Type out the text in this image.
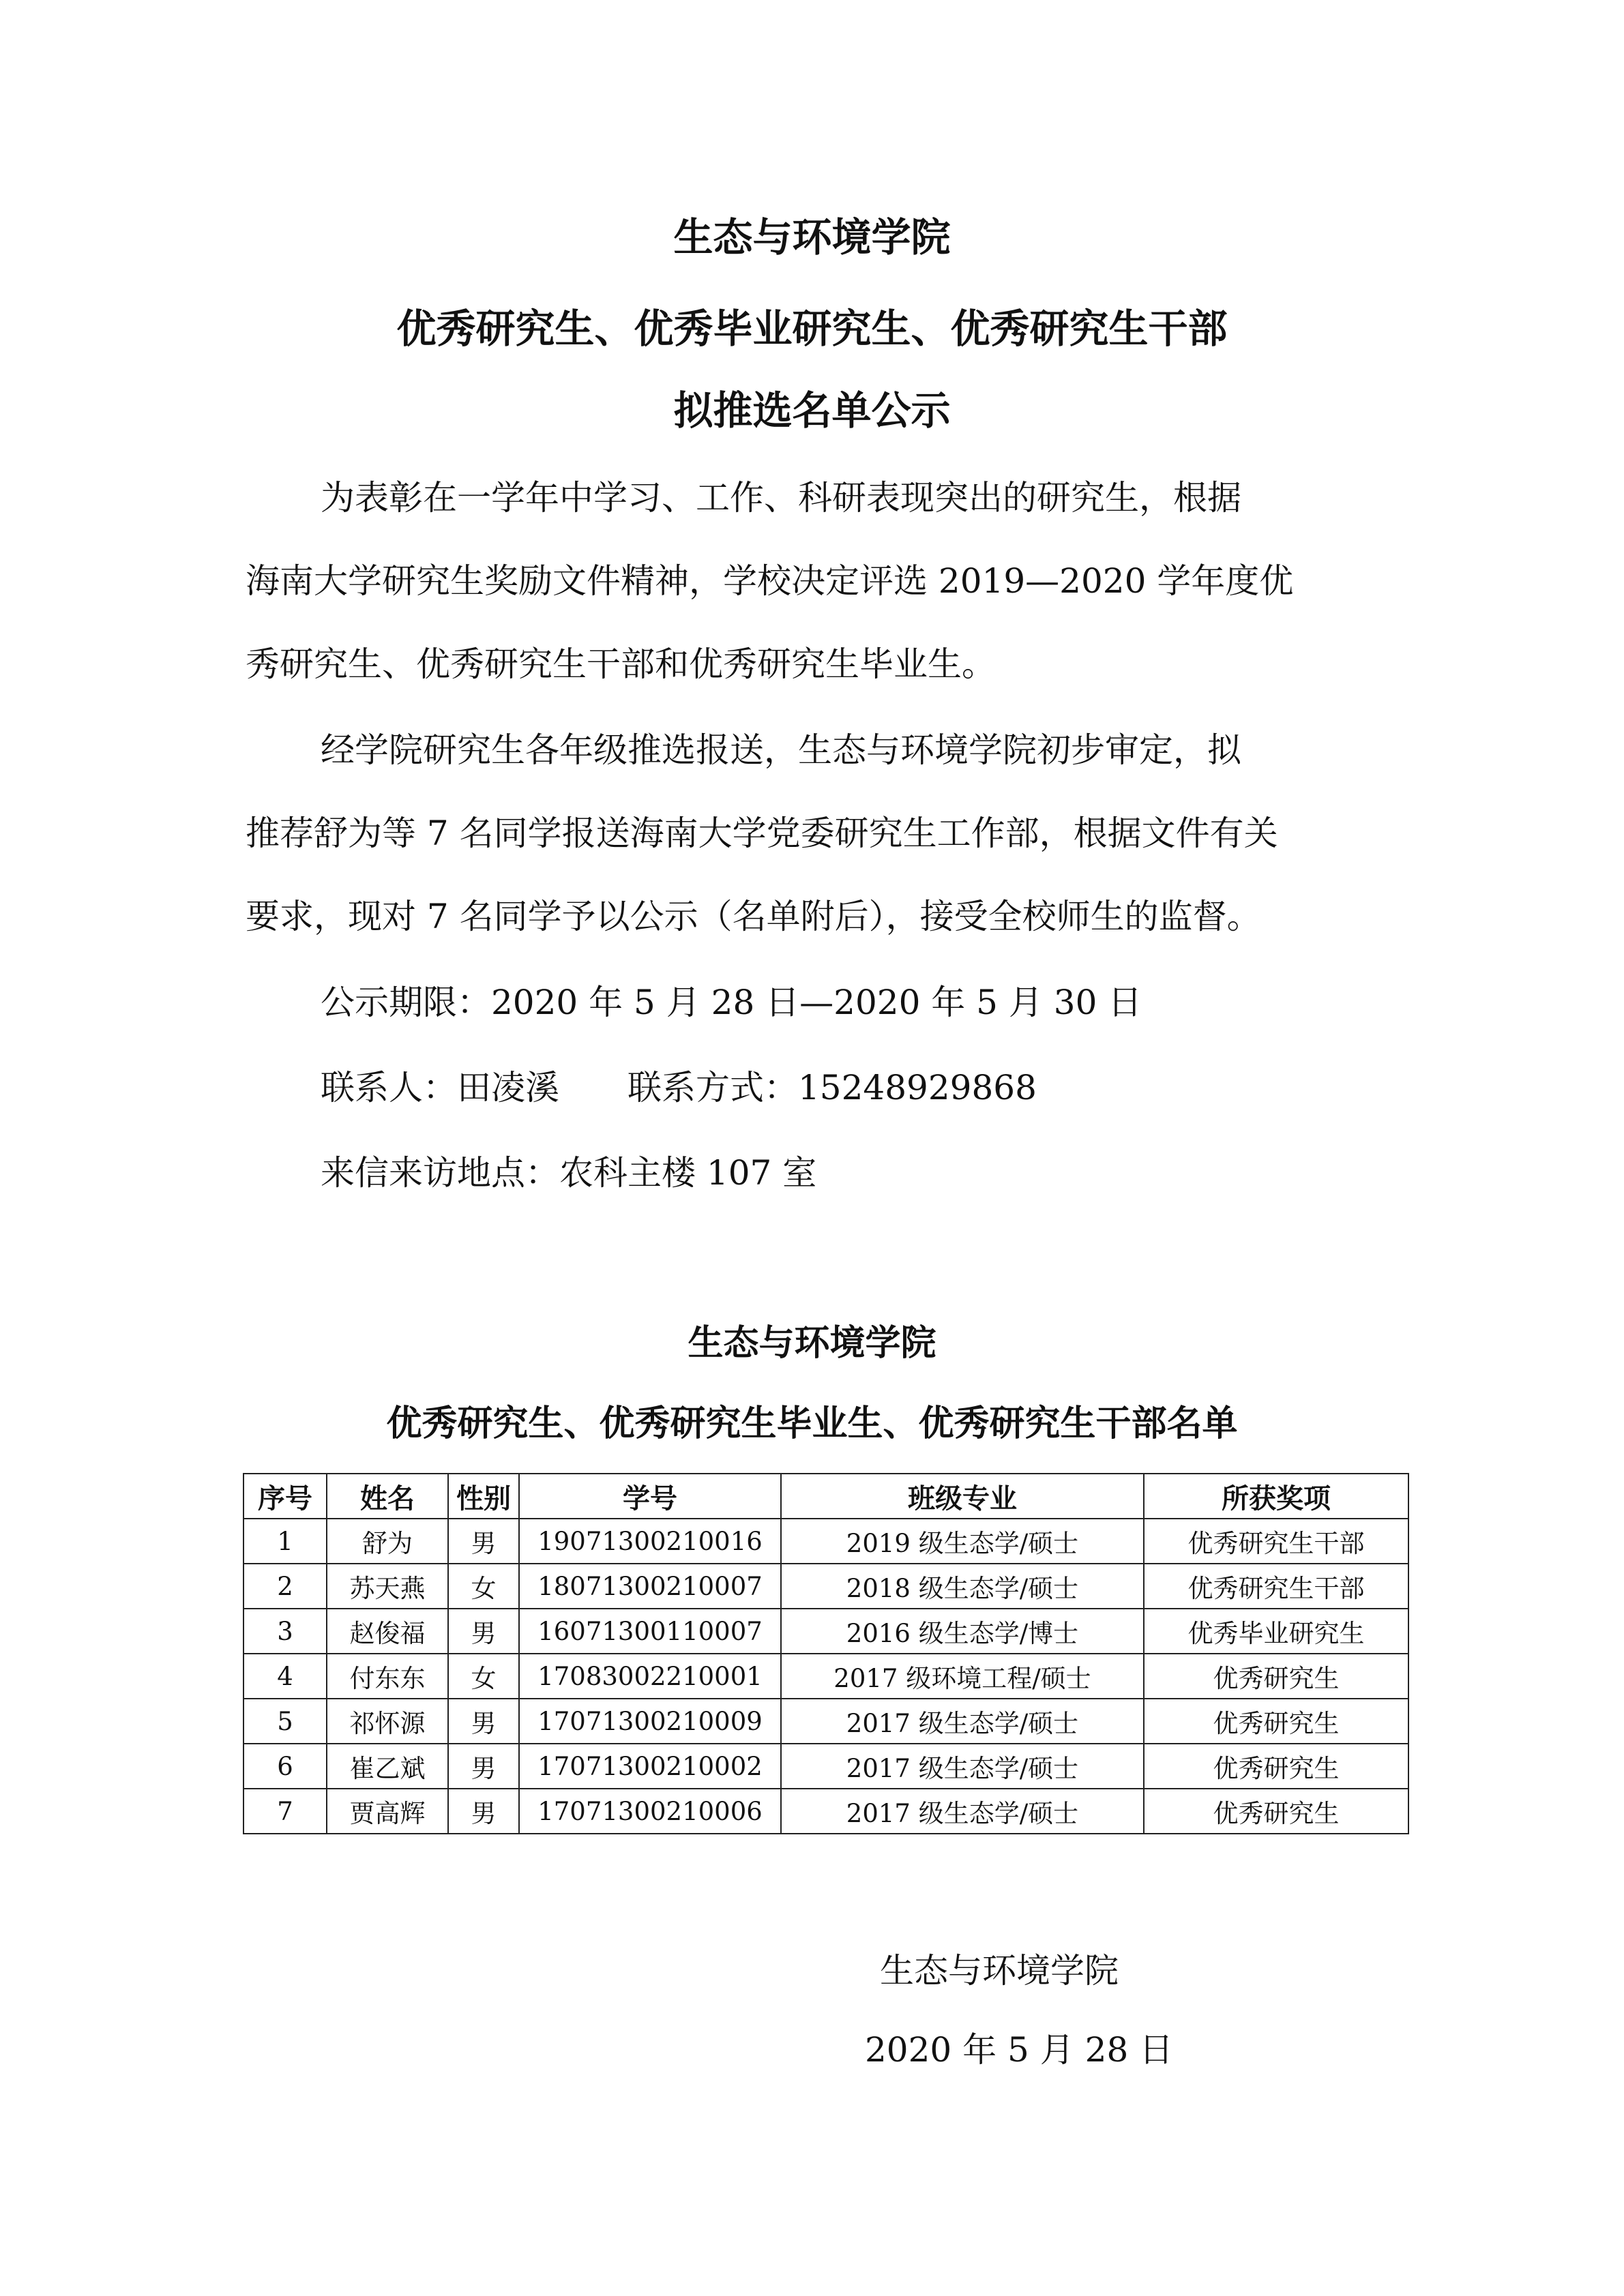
生态与环境学院
优秀研究生、优秀毕业研究生、优秀研究生干部
拟推选名单公示

为表彰在一学年中学习、工作、科研表现突出的研究生，根据

海南大学研究生奖励文件精神，学校决定评选 2019—2020 学年度优

秀研究生、优秀研究生干部和优秀研究生毕业生。

经学院研究生各年级推选报送，生态与环境学院初步审定，拟

推荐舒为等 7 名同学报送海南大学党委研究生工作部，根据文件有关

要求，现对 7 名同学予以公示（名单附后），接受全校师生的监督。

公示期限：2020 年 5 月 28 日—2020 年 5 月 30 日

联系人：田凌溪　　联系方式：15248929868

来信来访地点：农科主楼 107 室

生态与环境学院
优秀研究生、优秀研究生毕业生、优秀研究生干部名单
序号	姓名	性别	学号	班级专业	所获奖项
1	舒为	男	19071300210016	2019 级生态学/硕士	优秀研究生干部
2	苏天燕	女	18071300210007	2018 级生态学/硕士	优秀研究生干部
3	赵俊福	男	16071300110007	2016 级生态学/博士	优秀毕业研究生
4	付东东	女	17083002210001	2017 级环境工程/硕士	优秀研究生
5	祁怀源	男	17071300210009	2017 级生态学/硕士	优秀研究生
6	崔乙斌	男	17071300210002	2017 级生态学/硕士	优秀研究生
7	贾高辉	男	17071300210006	2017 级生态学/硕士	优秀研究生

生态与环境学院

2020 年 5 月 28 日
